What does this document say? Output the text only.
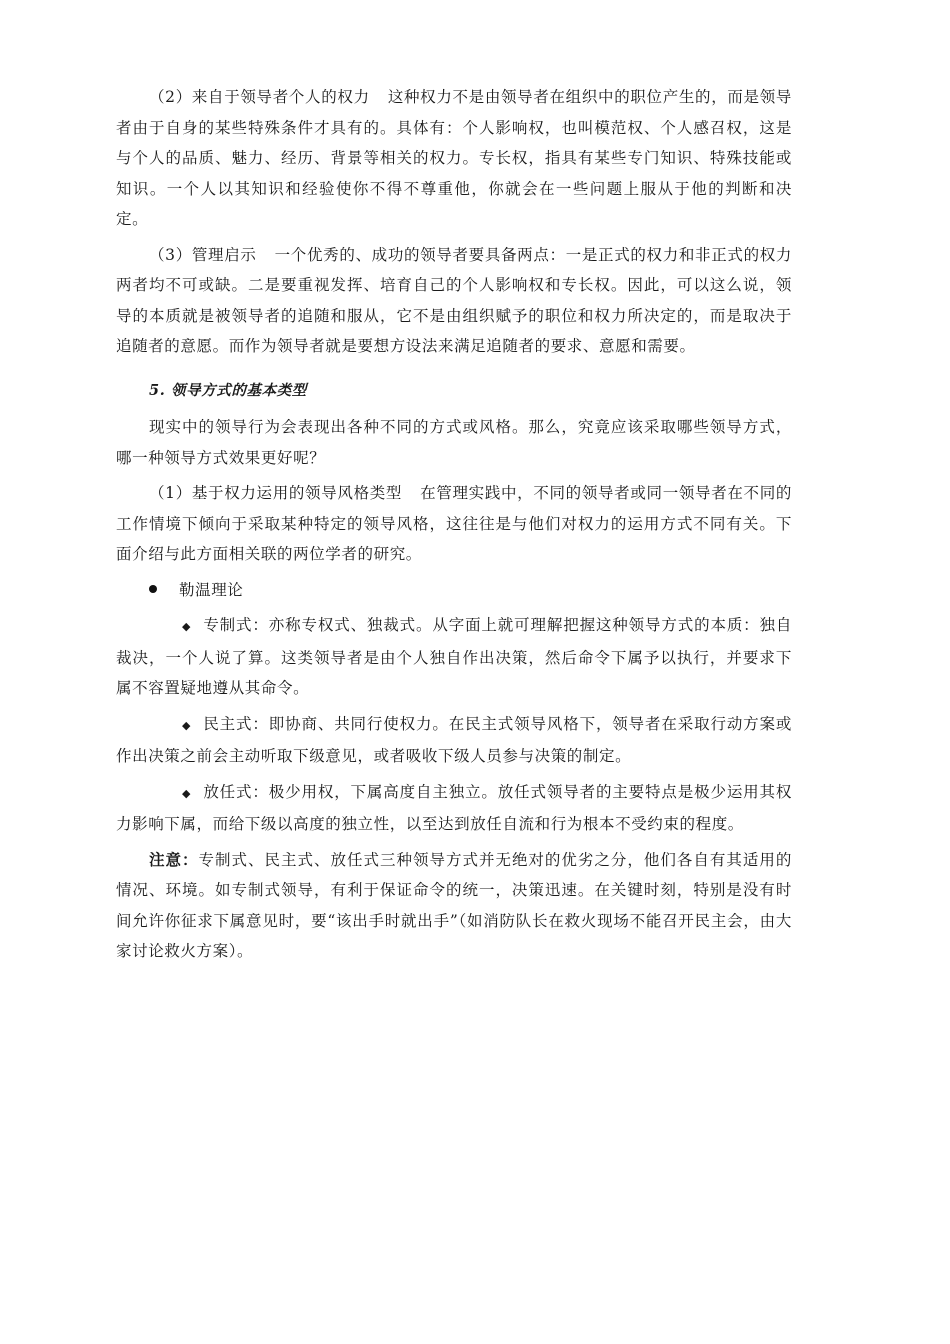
（2）来自于领导者个人的权力 这种权力不是由领导者在组织中的职位产生的，而是领导者由于自身的某些特殊条件才具有的。具体有：个人影响权，也叫模范权、个人感召权，这是与个人的品质、魅力、经历、背景等相关的权力。专长权，指具有某些专门知识、特殊技能或知识。一个人以其知识和经验使你不得不尊重他，你就会在一些问题上服从于他的判断和决定。

（3）管理启示 一个优秀的、成功的领导者要具备两点：一是正式的权力和非正式的权力两者均不可或缺。二是要重视发挥、培育自己的个人影响权和专长权。因此，可以这么说，领导的本质就是被领导者的追随和服从，它不是由组织赋予的职位和权力所决定的，而是取决于追随者的意愿。而作为领导者就是要想方设法来满足追随者的要求、意愿和需要。

5. 领导方式的基本类型

现实中的领导行为会表现出各种不同的方式或风格。那么，究竟应该采取哪些领导方式，哪一种领导方式效果更好呢？

（1）基于权力运用的领导风格类型 在管理实践中，不同的领导者或同一领导者在不同的工作情境下倾向于采取某种特定的领导风格，这往往是与他们对权力的运用方式不同有关。下面介绍与此方面相关联的两位学者的研究。

勒温理论

◆ 专制式：亦称专权式、独裁式。从字面上就可理解把握这种领导方式的本质：独自裁决，一个人说了算。这类领导者是由个人独自作出决策，然后命令下属予以执行，并要求下属不容置疑地遵从其命令。

◆ 民主式：即协商、共同行使权力。在民主式领导风格下，领导者在采取行动方案或作出决策之前会主动听取下级意见，或者吸收下级人员参与决策的制定。

◆ 放任式：极少用权，下属高度自主独立。放任式领导者的主要特点是极少运用其权力影响下属，而给下级以高度的独立性，以至达到放任自流和行为根本不受约束的程度。

注意：专制式、民主式、放任式三种领导方式并无绝对的优劣之分，他们各自有其适用的情况、环境。如专制式领导，有利于保证命令的统一，决策迅速。在关键时刻，特别是没有时间允许你征求下属意见时，要“该出手时就出手”（如消防队长在救火现场不能召开民主会，由大家讨论救火方案）。
